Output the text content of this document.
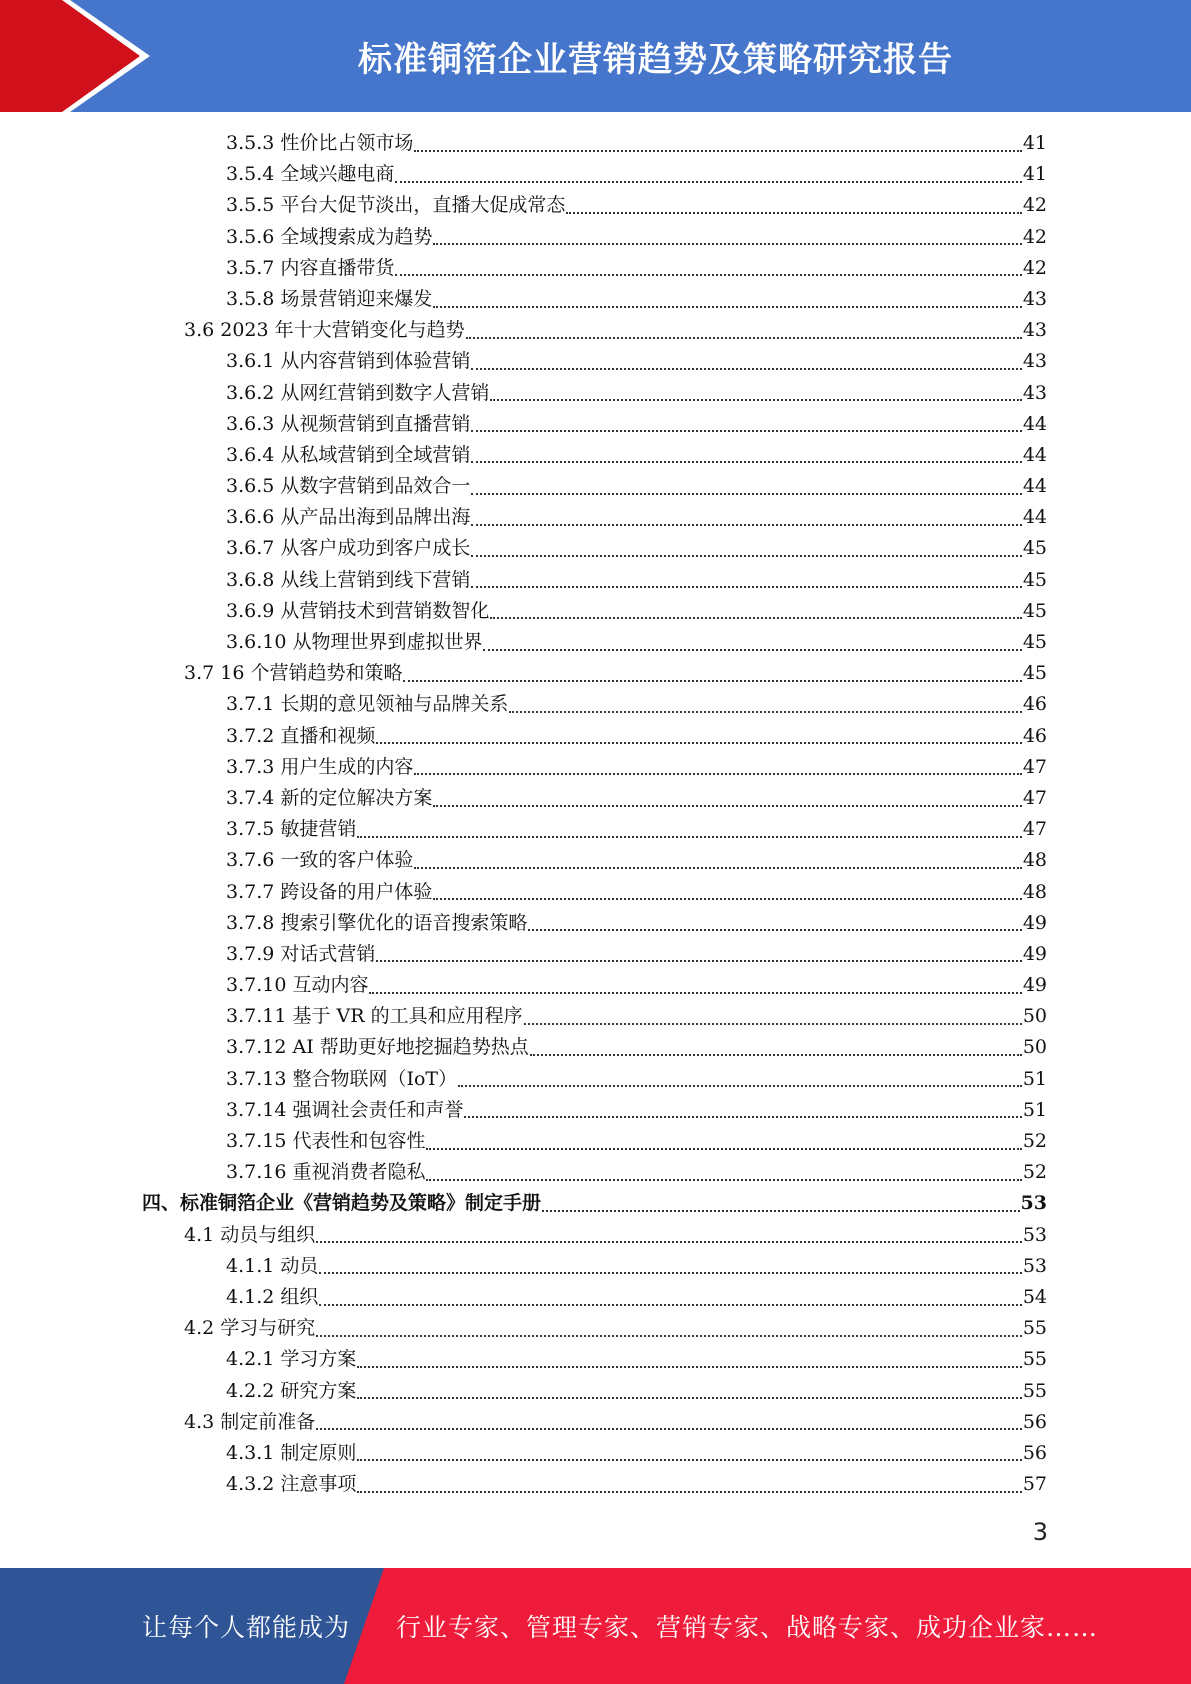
标准铜箔企业营销趋势及策略研究报告
3.5.3 性价比占领市场	41
3.5.4 全域兴趣电商	41
3.5.5 平台大促节淡出，直播大促成常态	42
3.5.6 全域搜索成为趋势	42
3.5.7 内容直播带货	42
3.5.8 场景营销迎来爆发	43
3.6 2023 年十大营销变化与趋势	43
3.6.1 从内容营销到体验营销	43
3.6.2 从网红营销到数字人营销	43
3.6.3 从视频营销到直播营销	44
3.6.4 从私域营销到全域营销	44
3.6.5 从数字营销到品效合一	44
3.6.6 从产品出海到品牌出海	44
3.6.7 从客户成功到客户成长	45
3.6.8 从线上营销到线下营销	45
3.6.9 从营销技术到营销数智化	45
3.6.10 从物理世界到虚拟世界	45
3.7 16 个营销趋势和策略	45
3.7.1 长期的意见领袖与品牌关系	46
3.7.2 直播和视频	46
3.7.3 用户生成的内容	47
3.7.4 新的定位解决方案	47
3.7.5 敏捷营销	47
3.7.6 一致的客户体验	48
3.7.7 跨设备的用户体验	48
3.7.8 搜索引擎优化的语音搜索策略	49
3.7.9 对话式营销	49
3.7.10 互动内容	49
3.7.11 基于 VR 的工具和应用程序	50
3.7.12 AI 帮助更好地挖掘趋势热点	50
3.7.13 整合物联网（IoT）	51
3.7.14 强调社会责任和声誉	51
3.7.15 代表性和包容性	52
3.7.16 重视消费者隐私	52
四、标准铜箔企业《营销趋势及策略》制定手册	53
4.1 动员与组织	53
4.1.1 动员	53
4.1.2 组织	54
4.2 学习与研究	55
4.2.1 学习方案	55
4.2.2 研究方案	55
4.3 制定前准备	56
4.3.1 制定原则	56
4.3.2 注意事项	57
3
让每个人都能成为 行业专家、管理专家、营销专家、战略专家、成功企业家……
